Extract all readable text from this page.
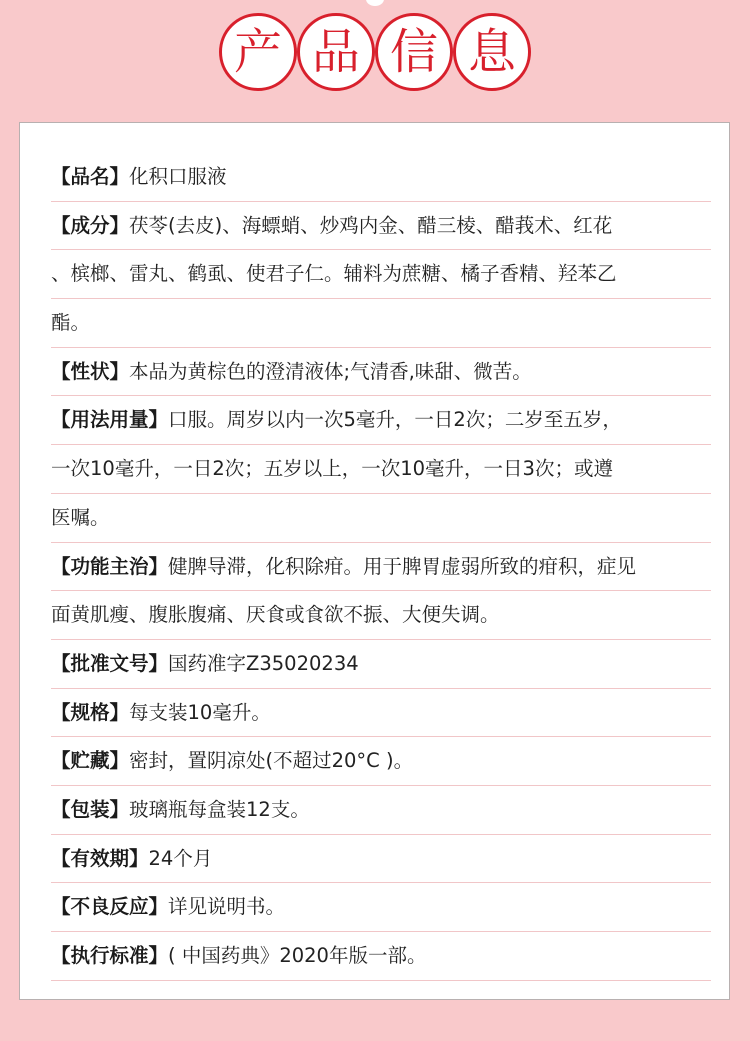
产 品 信 息
【品名】化积口服液
【成分】茯苓(去皮)、海螵蛸、炒鸡内金、醋三棱、醋莪术、红花
、槟榔、雷丸、鹤虱、使君子仁。辅料为蔗糖、橘子香精、羟苯乙
酯。
【性状】本品为黄棕色的澄清液体;气清香,味甜、微苦。
【用法用量】口服。周岁以内一次5毫升，一日2次；二岁至五岁，
一次10毫升，一日2次；五岁以上，一次10毫升，一日3次；或遵
医嘱。
【功能主治】健脾导滞，化积除疳。用于脾胃虚弱所致的疳积，症见
面黄肌瘦、腹胀腹痛、厌食或食欲不振、大便失调。
【批准文号】国药准字Z35020234
【规格】每支装10毫升。
【贮藏】密封，置阴凉处(不超过20°C )。
【包装】玻璃瓶每盒装12支。
【有效期】24个月
【不良反应】详见说明书。
【执行标准】( 中国药典》2020年版一部。
